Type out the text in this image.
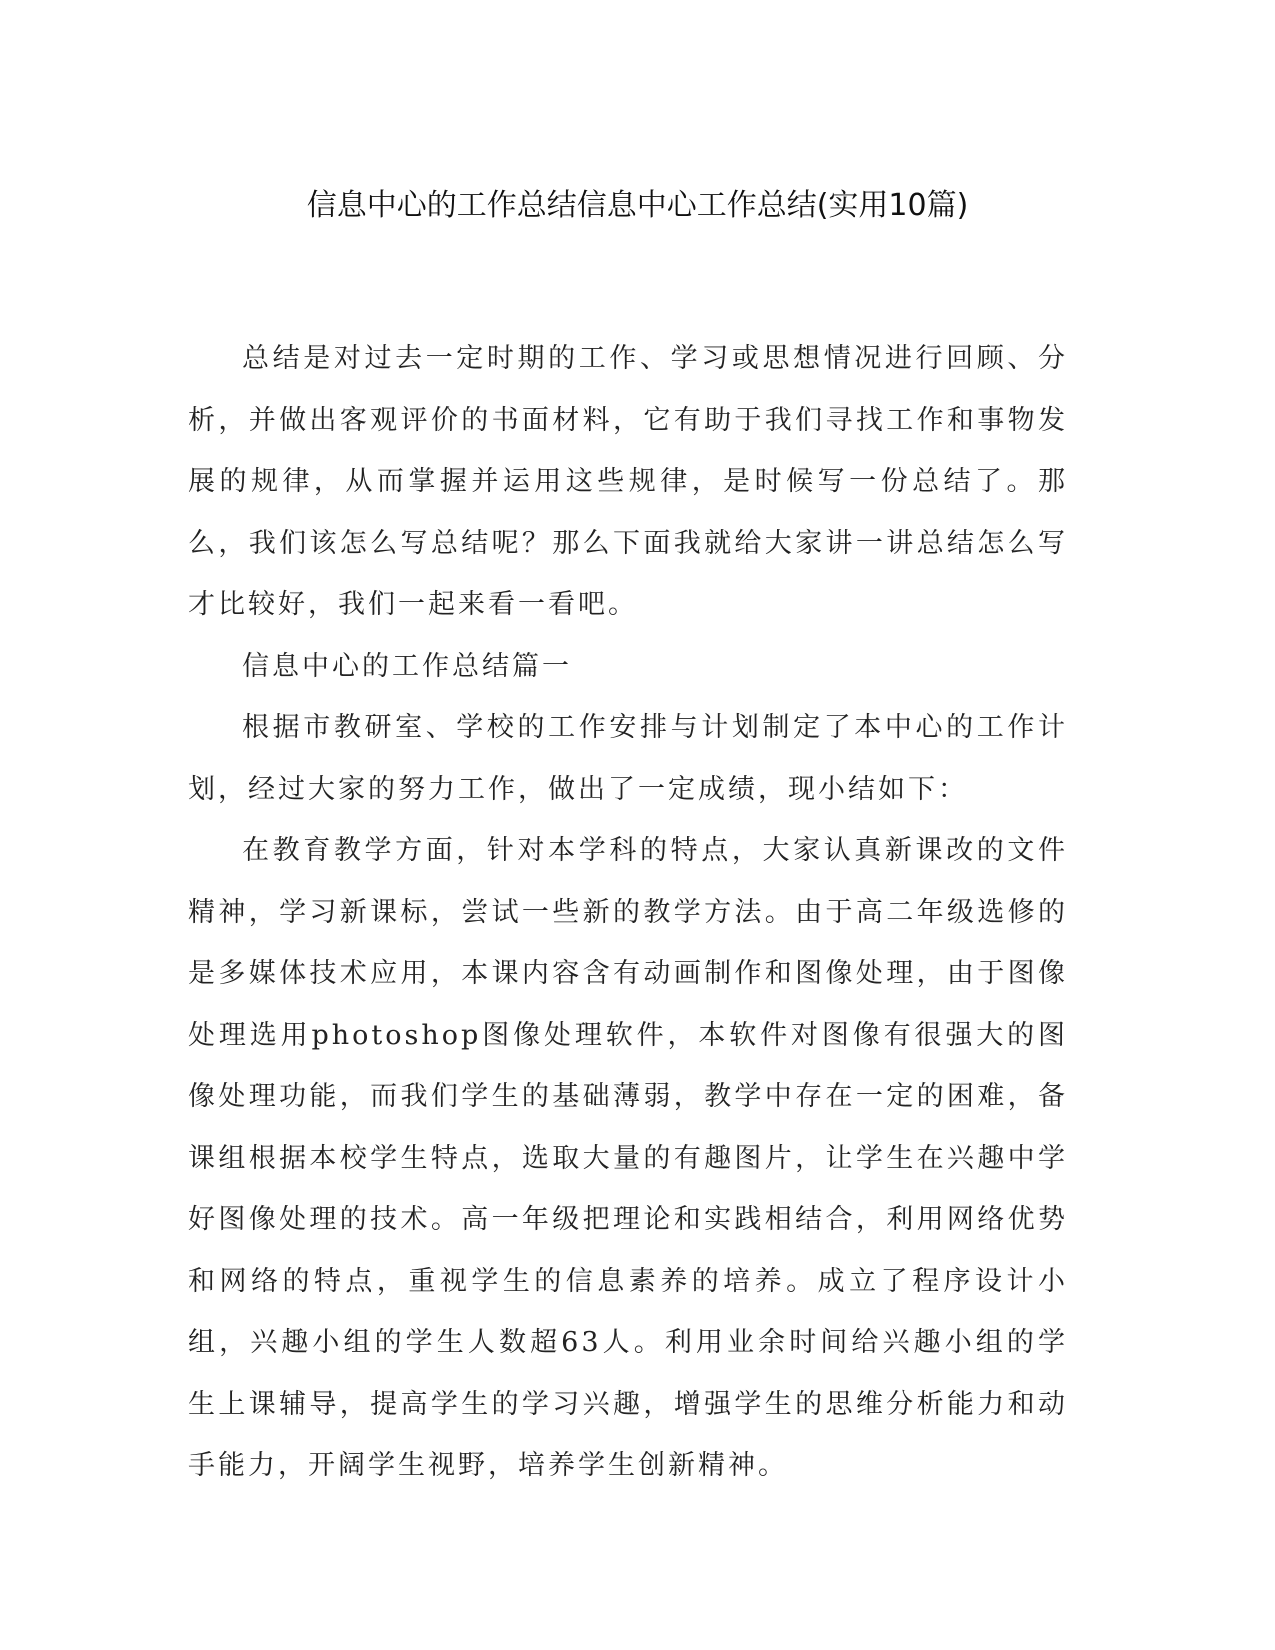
信息中心的工作总结信息中心工作总结(实用10篇)

总结是对过去一定时期的工作、学习或思想情况进行回顾、分析，并做出客观评价的书面材料，它有助于我们寻找工作和事物发展的规律，从而掌握并运用这些规律，是时候写一份总结了。那么，我们该怎么写总结呢？那么下面我就给大家讲一讲总结怎么写才比较好，我们一起来看一看吧。

信息中心的工作总结篇一

根据市教研室、学校的工作安排与计划制定了本中心的工作计划，经过大家的努力工作，做出了一定成绩，现小结如下：

在教育教学方面，针对本学科的特点，大家认真新课改的文件精神，学习新课标，尝试一些新的教学方法。由于高二年级选修的是多媒体技术应用，本课内容含有动画制作和图像处理，由于图像处理选用photoshop图像处理软件，本软件对图像有很强大的图像处理功能，而我们学生的基础薄弱，教学中存在一定的困难，备课组根据本校学生特点，选取大量的有趣图片，让学生在兴趣中学好图像处理的技术。高一年级把理论和实践相结合，利用网络优势和网络的特点，重视学生的信息素养的培养。成立了程序设计小组，兴趣小组的学生人数超63人。利用业余时间给兴趣小组的学生上课辅导，提高学生的学习兴趣，增强学生的思维分析能力和动手能力，开阔学生视野，培养学生创新精神。
